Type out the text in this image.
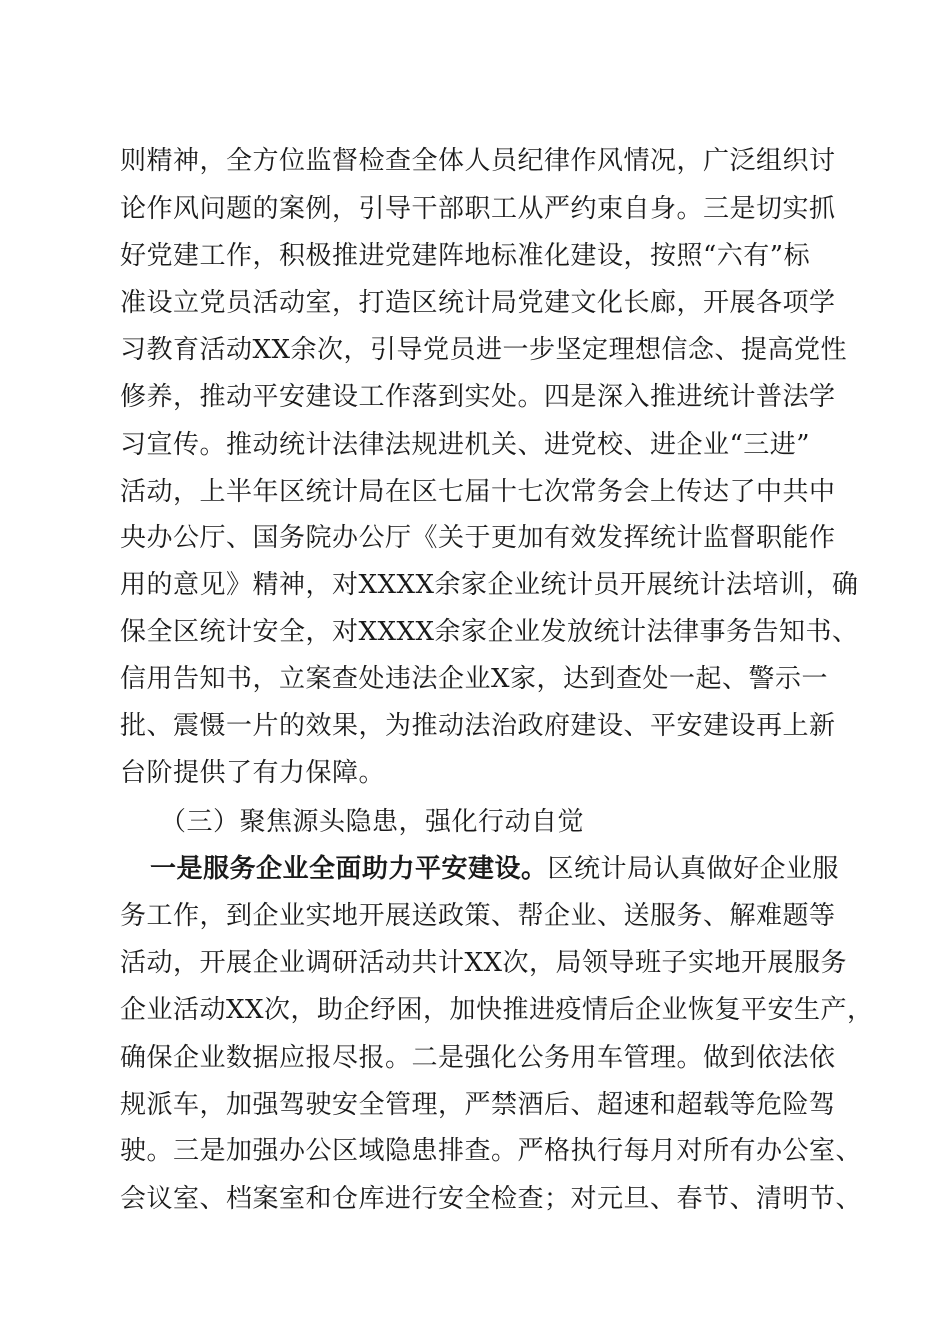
则精神，全方位监督检查全体人员纪律作风情况，广泛组织讨
论作风问题的案例，引导干部职工从严约束自身。三是切实抓
好党建工作，积极推进党建阵地标准化建设，按照“六有”标
准设立党员活动室，打造区统计局党建文化长廊，开展各项学
习教育活动XX余次，引导党员进一步坚定理想信念、提高党性
修养，推动平安建设工作落到实处。四是深入推进统计普法学
习宣传。推动统计法律法规进机关、进党校、进企业“三进”
活动，上半年区统计局在区七届十七次常务会上传达了中共中
央办公厅、国务院办公厅《关于更加有效发挥统计监督职能作
用的意见》精神，对XXXX余家企业统计员开展统计法培训，确
保全区统计安全，对XXXX余家企业发放统计法律事务告知书、
信用告知书，立案查处违法企业X家，达到查处一起、警示一
批、震慑一片的效果，为推动法治政府建设、平安建设再上新
台阶提供了有力保障。
（三）聚焦源头隐患，强化行动自觉
一是服务企业全面助力平安建设。区统计局认真做好企业服
务工作，到企业实地开展送政策、帮企业、送服务、解难题等
活动，开展企业调研活动共计XX次，局领导班子实地开展服务
企业活动XX次，助企纾困，加快推进疫情后企业恢复平安生产，
确保企业数据应报尽报。二是强化公务用车管理。做到依法依
规派车，加强驾驶安全管理，严禁酒后、超速和超载等危险驾
驶。三是加强办公区域隐患排查。严格执行每月对所有办公室、
会议室、档案室和仓库进行安全检查；对元旦、春节、清明节、
